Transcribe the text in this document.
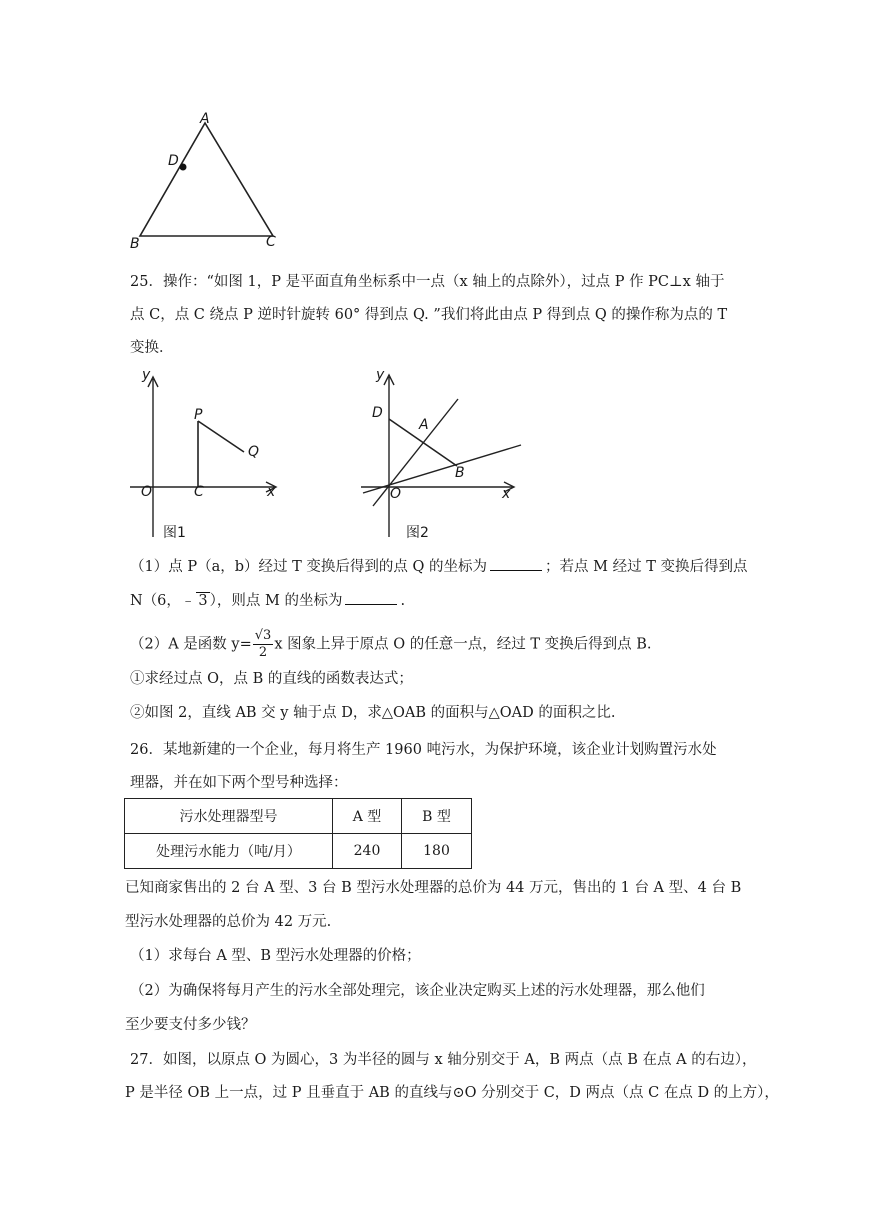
A
D
B	C
25．操作：“如图 1，P 是平面直角坐标系中一点（x 轴上的点除外），过点 P 作 PC⊥x 轴于
点 C，点 C 绕点 P 逆时针旋转 60° 得到点 Q. ”我们将此由点 P 得到点 Q 的操作称为点的 T
变换．
y
P
Q
O	C	x
图1
y
D
A
B
O	x
图2
（1）点 P（a，b）经过 T 变换后得到的点 Q 的坐标为	；若点 M 经过 T 变换后得到点
N（6，﹣ 3 ），则点 M 的坐标为	.
（2）A 是函数 $y= \frac{√3}{2}$ x 图象上异于原点 O 的任意一点，经过 T 变换后得到点 B.
①求经过点 O，点 B 的直线的函数表达式；
②如图 2，直线 AB 交 y 轴于点 D，求△OAB 的面积与△OAD 的面积之比.
26．某地新建的一个企业，每月将生产 1960 吨污水，为保护环境，该企业计划购置污水处
理器，并在如下两个型号种选择：
污水处理器型号	A 型	B 型
处理污水能力（吨/月）	240	180
已知商家售出的 2 台 A 型、3 台 B 型污水处理器的总价为 44 万元，售出的 1 台 A 型、4 台 B
型污水处理器的总价为 42 万元.
（1）求每台 A 型、B 型污水处理器的价格；
（2）为确保将每月产生的污水全部处理完，该企业决定购买上述的污水处理器，那么他们
至少要支付多少钱？
27．如图，以原点 O 为圆心，3 为半径的圆与 x 轴分别交于 A，B 两点（点 B 在点 A 的右边），
P 是半径 OB 上一点，过 P 且垂直于 AB 的直线与⊙O 分别交于 C，D 两点（点 C 在点 D 的上方），
